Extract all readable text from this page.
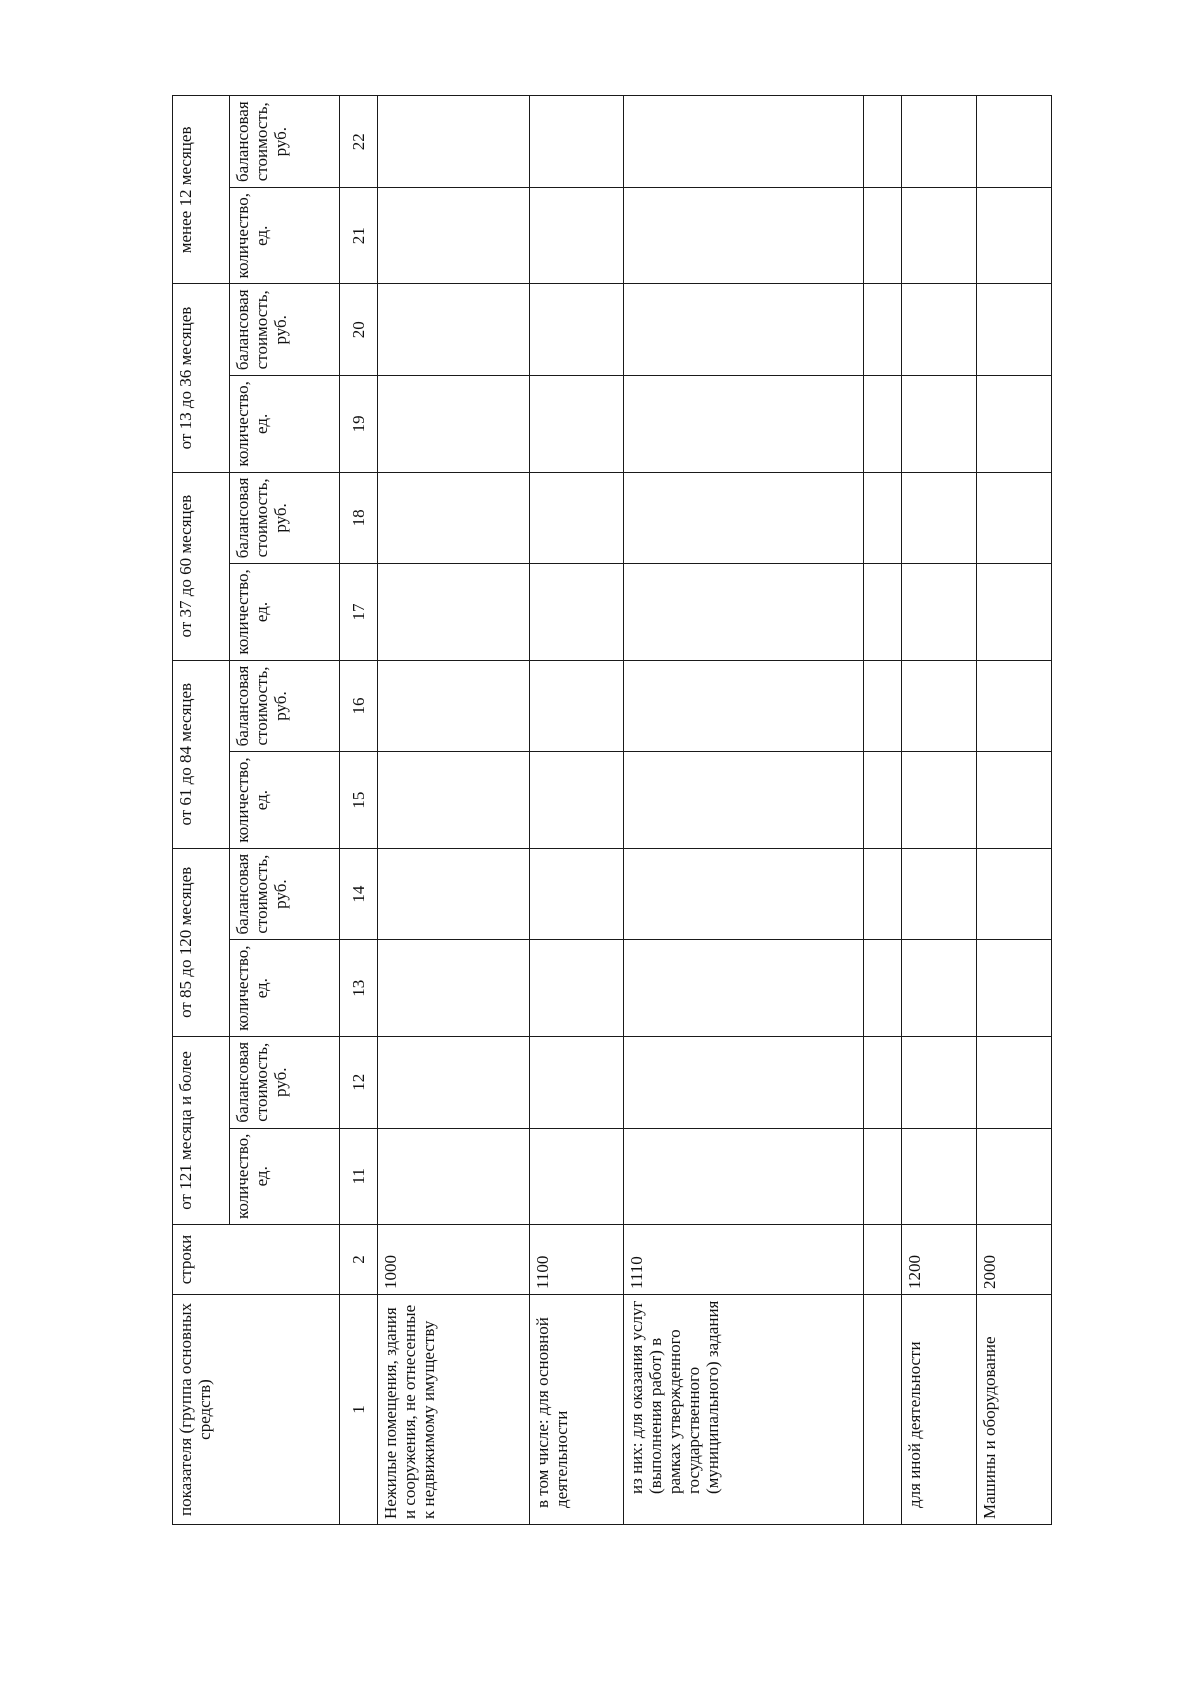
показателя (группа основных средств)	строки	от 121 месяца и более		от 85 до 120 месяцев		от 61 до 84 месяцев		от 37 до 60 месяцев		от 13 до 36 месяцев		менее 12 месяцев	
		количество, ед.	балансовая стоимость, руб.	количество, ед.	балансовая стоимость, руб.	количество, ед.	балансовая стоимость, руб.	количество, ед.	балансовая стоимость, руб.	количество, ед.	балансовая стоимость, руб.	количество, ед.	балансовая стоимость, руб.
1	2	11	12	13	14	15	16	17	18	19	20	21	22
Нежилые помещения, здания и сооружения, не отнесенные к недвижимому имуществу	1000												
в том числе: для основной деятельности	1100												
из них: для оказания услуг (выполнения работ) в рамках утвержденного государственного (муниципального) задания	1110												

для иной деятельности	1200												
Машины и оборудование	2000												
